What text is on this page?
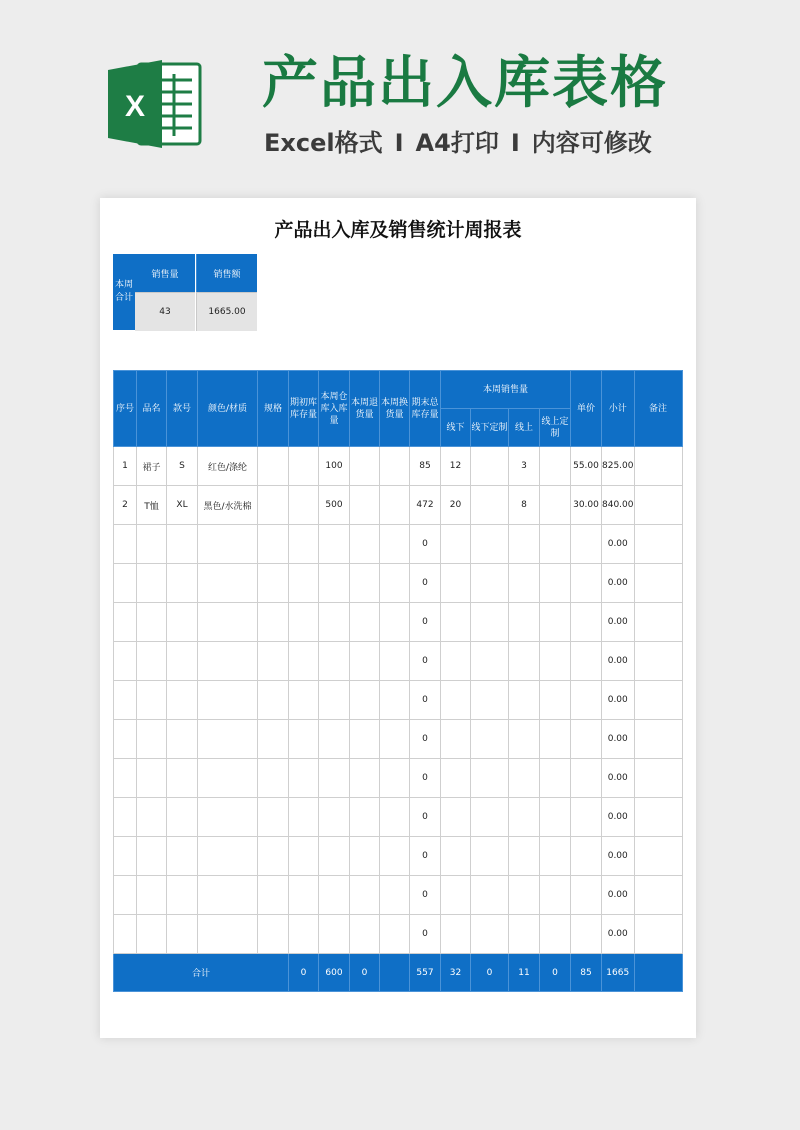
X 产品出入库表格
Excel格式 I A4打印 I 内容可修改
产品出入库及销售统计周报表
本周合计
销售量	销售额
43	1665.00
序号	品名	款号	颜色/材质	规格	期初库库存量	本周仓库入库量	本周退货量	本周换货量	期末总库存量	本周销售量				单价	小计	备注
										线下	线下定制	线上	线上定制			
1	裙子	S	红色/涤纶			100			85	12		3		55.00	825.00	
2	T恤	XL	黑色/水洗棉			500			472	20		8		30.00	840.00	
									0						0.00	
									0						0.00	
									0						0.00	
									0						0.00	
									0						0.00	
									0						0.00	
									0						0.00	
									0						0.00	
									0						0.00	
									0						0.00	
									0						0.00	
合计					0	600	0		557	32	0	11	0	85	1665	
